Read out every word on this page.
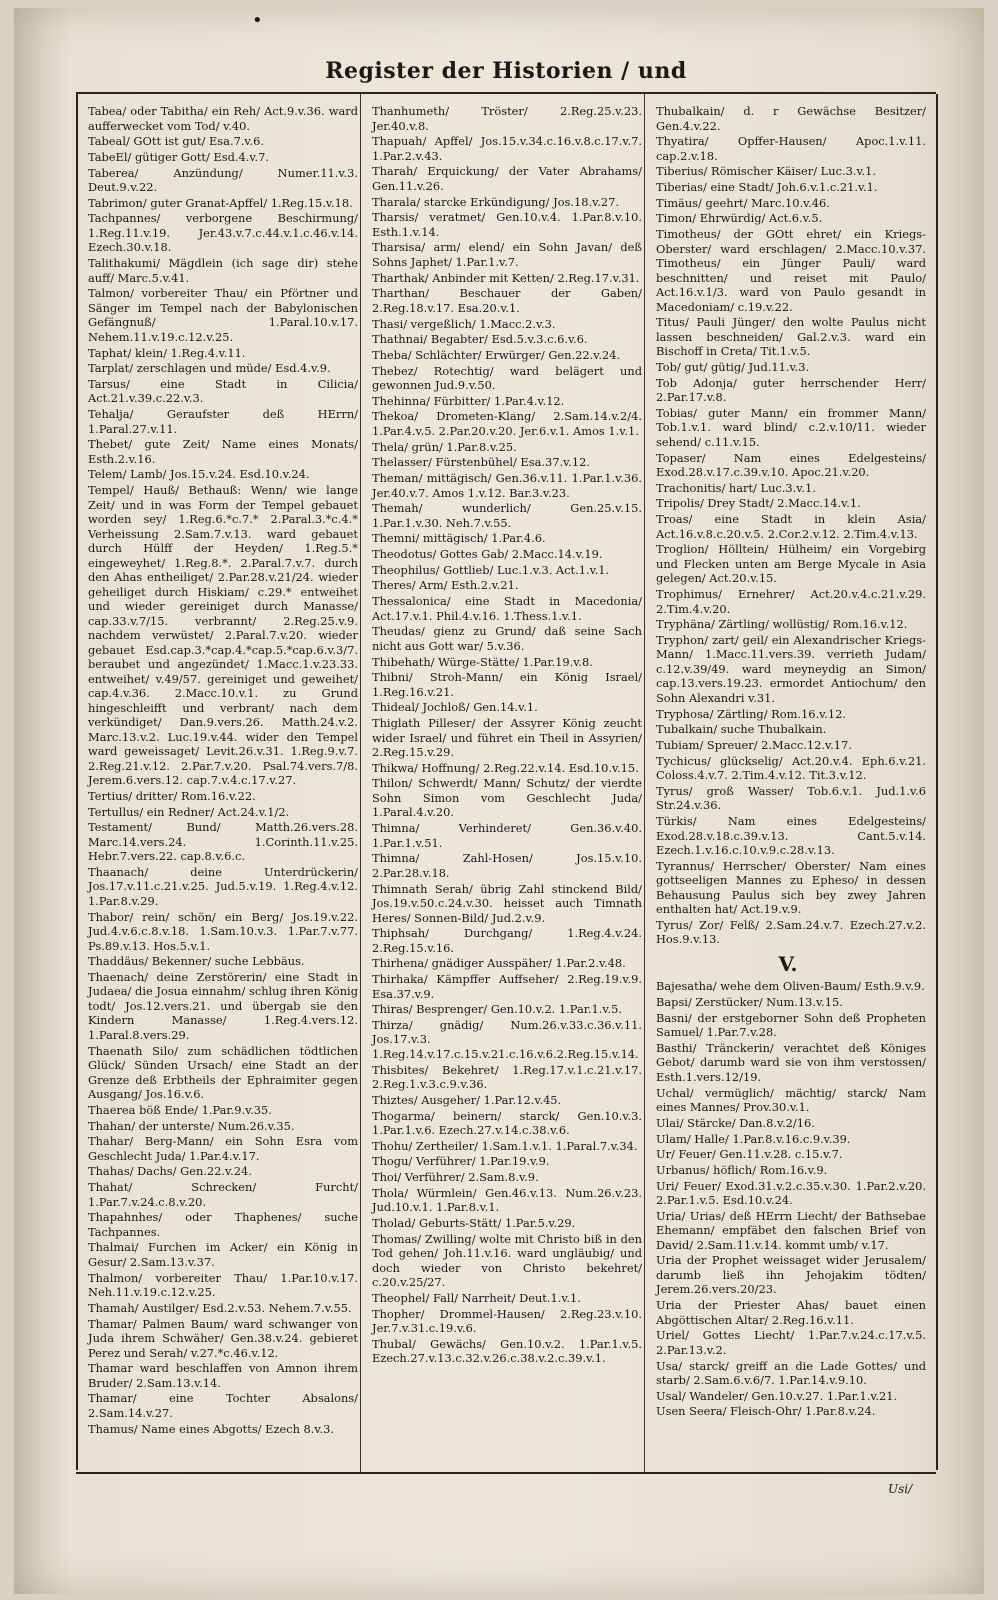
•
Register der Historien / und
Tabea/ oder Tabitha/ ein Reh/ Act.9.v.36. ward aufferwecket vom Tod/ v.40.
Tabeal/ GOtt ist gut/ Esa.7.v.6.
TabeEl/ gütiger Gott/ Esd.4.v.7.
Taberea/ Anzündung/ Numer.11.v.3. Deut.9.v.22.
Tabrimon/ guter Granat-Apffel/ 1.Reg.15.v.18.
Tachpannes/ verborgene Beschirmung/ 1.Reg.11.v.19. Jer.43.v.7.c.44.v.1.c.46.v.14. Ezech.30.v.18.
Talithakumi/ Mägdlein (ich sage dir) stehe auff/ Marc.5.v.41.
Talmon/ vorbereiter Thau/ ein Pförtner und Sänger im Tempel nach der Babylonischen Gefängnuß/ 1.Paral.10.v.17. Nehem.11.v.19.c.12.v.25.
Taphat/ klein/ 1.Reg.4.v.11.
Tarplat/ zerschlagen und müde/ Esd.4.v.9.
Tarsus/ eine Stadt in Cilicia/ Act.21.v.39.c.22.v.3.
Tehalja/ Geraufster deß HErrn/ 1.Paral.27.v.11.
Thebet/ gute Zeit/ Name eines Monats/ Esth.2.v.16.
Telem/ Lamb/ Jos.15.v.24. Esd.10.v.24.
Tempel/ Hauß/ Bethauß: Wenn/ wie lange Zeit/ und in was Form der Tempel gebauet worden sey/ 1.Reg.6.*c.7.* 2.Paral.3.*c.4.* Verheissung 2.Sam.7.v.13. ward gebauet durch Hülff der Heyden/ 1.Reg.5.* eingeweyhet/ 1.Reg.8.*. 2.Paral.7.v.7. durch den Ahas entheiliget/ 2.Par.28.v.21/24. wieder geheiliget durch Hiskiam/ c.29.* entweihet und wieder gereiniget durch Manasse/ cap.33.v.7/15. verbrannt/ 2.Reg.25.v.9. nachdem verwüstet/ 2.Paral.7.v.20. wieder gebauet Esd.cap.3.*cap.4.*cap.5.*cap.6.v.3/7. beraubet und angezündet/ 1.Macc.1.v.23.33. entweihet/ v.49/57. gereiniget und geweihet/ cap.4.v.36. 2.Macc.10.v.1. zu Grund hingeschleifft und verbrant/ nach dem verkündiget/ Dan.9.vers.26. Matth.24.v.2. Marc.13.v.2. Luc.19.v.44. wider den Tempel ward geweissaget/ Levit.26.v.31. 1.Reg.9.v.7. 2.Reg.21.v.12. 2.Par.7.v.20. Psal.74.vers.7/8. Jerem.6.vers.12. cap.7.v.4.c.17.v.27.
Tertius/ dritter/ Rom.16.v.22.
Tertullus/ ein Redner/ Act.24.v.1/2.
Testament/ Bund/ Matth.26.vers.28. Marc.14.vers.24. 1.Corinth.11.v.25. Hebr.7.vers.22. cap.8.v.6.c.
Thaanach/ deine Unterdrückerin/ Jos.17.v.11.c.21.v.25. Jud.5.v.19. 1.Reg.4.v.12. 1.Par.8.v.29.
Thabor/ rein/ schön/ ein Berg/ Jos.19.v.22. Jud.4.v.6.c.8.v.18. 1.Sam.10.v.3. 1.Par.7.v.77. Ps.89.v.13. Hos.5.v.1.
Thaddäus/ Bekenner/ suche Lebbäus.
Thaenach/ deine Zerstörerin/ eine Stadt in Judaea/ die Josua einnahm/ schlug ihren König todt/ Jos.12.vers.21. und übergab sie den Kindern Manasse/ 1.Reg.4.vers.12. 1.Paral.8.vers.29.
Thaenath Silo/ zum schädlichen tödtlichen Glück/ Sünden Ursach/ eine Stadt an der Grenze deß Erbtheils der Ephraimiter gegen Ausgang/ Jos.16.v.6.
Thaerea böß Ende/ 1.Par.9.v.35.
Thahan/ der unterste/ Num.26.v.35.
Thahar/ Berg-Mann/ ein Sohn Esra vom Geschlecht Juda/ 1.Par.4.v.17.
Thahas/ Dachs/ Gen.22.v.24.
Thahat/ Schrecken/ Furcht/ 1.Par.7.v.24.c.8.v.20.
Thapahnhes/ oder Thaphenes/ suche Tachpannes.
Thalmai/ Furchen im Acker/ ein König in Gesur/ 2.Sam.13.v.37.
Thalmon/ vorbereiter Thau/ 1.Par.10.v.17. Neh.11.v.19.c.12.v.25.
Thamah/ Austilger/ Esd.2.v.53. Nehem.7.v.55.
Thamar/ Palmen Baum/ ward schwanger von Juda ihrem Schwäher/ Gen.38.v.24. gebieret Perez und Serah/ v.27.*c.46.v.12.
Thamar ward beschlaffen von Amnon ihrem Bruder/ 2.Sam.13.v.14.
Thamar/ eine Tochter Absalons/ 2.Sam.14.v.27.
Thamus/ Name eines Abgotts/ Ezech 8.v.3.
Thanhumeth/ Tröster/ 2.Reg.25.v.23. Jer.40.v.8.
Thapuah/ Apffel/ Jos.15.v.34.c.16.v.8.c.17.v.7. 1.Par.2.v.43.
Tharah/ Erquickung/ der Vater Abrahams/ Gen.11.v.26.
Tharala/ starcke Erkündigung/ Jos.18.v.27.
Tharsis/ veratmet/ Gen.10.v.4. 1.Par.8.v.10. Esth.1.v.14.
Tharsisa/ arm/ elend/ ein Sohn Javan/ deß Sohns Japhet/ 1.Par.1.v.7.
Tharthak/ Anbinder mit Ketten/ 2.Reg.17.v.31.
Tharthan/ Beschauer der Gaben/ 2.Reg.18.v.17. Esa.20.v.1.
Thasi/ vergeßlich/ 1.Macc.2.v.3.
Thathnai/ Begabter/ Esd.5.v.3.c.6.v.6.
Theba/ Schlächter/ Erwürger/ Gen.22.v.24.
Thebez/ Rotechtig/ ward belägert und gewonnen Jud.9.v.50.
Thehinna/ Fürbitter/ 1.Par.4.v.12.
Thekoa/ Drometen-Klang/ 2.Sam.14.v.2/4. 1.Par.4.v.5. 2.Par.20.v.20. Jer.6.v.1. Amos 1.v.1.
Thela/ grün/ 1.Par.8.v.25.
Thelasser/ Fürstenbühel/ Esa.37.v.12.
Theman/ mittägisch/ Gen.36.v.11. 1.Par.1.v.36. Jer.40.v.7. Amos 1.v.12. Bar.3.v.23.
Themah/ wunderlich/ Gen.25.v.15. 1.Par.1.v.30. Neh.7.v.55.
Themni/ mittägisch/ 1.Par.4.6.
Theodotus/ Gottes Gab/ 2.Macc.14.v.19.
Theophilus/ Gottlieb/ Luc.1.v.3. Act.1.v.1.
Theres/ Arm/ Esth.2.v.21.
Thessalonica/ eine Stadt in Macedonia/ Act.17.v.1. Phil.4.v.16. 1.Thess.1.v.1.
Theudas/ gienz zu Grund/ daß seine Sach nicht aus Gott war/ 5.v.36.
Thibehath/ Würge-Stätte/ 1.Par.19.v.8.
Thibni/ Stroh-Mann/ ein König Israel/ 1.Reg.16.v.21.
Thideal/ Jochloß/ Gen.14.v.1.
Thiglath Pilleser/ der Assyrer König zeucht wider Israel/ und führet ein Theil in Assyrien/ 2.Reg.15.v.29.
Thikwa/ Hoffnung/ 2.Reg.22.v.14. Esd.10.v.15.
Thilon/ Schwerdt/ Mann/ Schutz/ der vierdte Sohn Simon vom Geschlecht Juda/ 1.Paral.4.v.20.
Thimna/ Verhinderet/ Gen.36.v.40. 1.Par.1.v.51.
Thimna/ Zahl-Hosen/ Jos.15.v.10. 2.Par.28.v.18.
Thimnath Serah/ übrig Zahl stinckend Bild/ Jos.19.v.50.c.24.v.30. heisset auch Timnath Heres/ Sonnen-Bild/ Jud.2.v.9.
Thiphsah/ Durchgang/ 1.Reg.4.v.24. 2.Reg.15.v.16.
Thirhena/ gnädiger Ausspäher/ 1.Par.2.v.48.
Thirhaka/ Kämpffer Auffseher/ 2.Reg.19.v.9. Esa.37.v.9.
Thiras/ Besprenger/ Gen.10.v.2. 1.Par.1.v.5.
Thirza/ gnädig/ Num.26.v.33.c.36.v.11. Jos.17.v.3. 1.Reg.14.v.17.c.15.v.21.c.16.v.6.2.Reg.15.v.14.
Thisbites/ Bekehret/ 1.Reg.17.v.1.c.21.v.17. 2.Reg.1.v.3.c.9.v.36.
Thiztes/ Ausgeher/ 1.Par.12.v.45.
Thogarma/ beinern/ starck/ Gen.10.v.3. 1.Par.1.v.6. Ezech.27.v.14.c.38.v.6.
Thohu/ Zertheiler/ 1.Sam.1.v.1. 1.Paral.7.v.34.
Thogu/ Verführer/ 1.Par.19.v.9.
Thoi/ Verführer/ 2.Sam.8.v.9.
Thola/ Würmlein/ Gen.46.v.13. Num.26.v.23. Jud.10.v.1. 1.Par.8.v.1.
Tholad/ Geburts-Stätt/ 1.Par.5.v.29.
Thomas/ Zwilling/ wolte mit Christo biß in den Tod gehen/ Joh.11.v.16. ward ungläubig/ und doch wieder von Christo bekehret/ c.20.v.25/27.
Theophel/ Fall/ Narrheit/ Deut.1.v.1.
Thopher/ Drommel-Hausen/ 2.Reg.23.v.10. Jer.7.v.31.c.19.v.6.
Thubal/ Gewächs/ Gen.10.v.2. 1.Par.1.v.5. Ezech.27.v.13.c.32.v.26.c.38.v.2.c.39.v.1.
Thubalkain/ d. r Gewächse Besitzer/ Gen.4.v.22.
Thyatira/ Opffer-Hausen/ Apoc.1.v.11. cap.2.v.18.
Tiberius/ Römischer Käiser/ Luc.3.v.1.
Tiberias/ eine Stadt/ Joh.6.v.1.c.21.v.1.
Timäus/ geehrt/ Marc.10.v.46.
Timon/ Ehrwürdig/ Act.6.v.5.
Timotheus/ der GOtt ehret/ ein Kriegs-Oberster/ ward erschlagen/ 2.Macc.10.v.37. Timotheus/ ein Jünger Pauli/ ward beschnitten/ und reiset mit Paulo/ Act.16.v.1/3. ward von Paulo gesandt in Macedoniam/ c.19.v.22.
Titus/ Pauli Jünger/ den wolte Paulus nicht lassen beschneiden/ Gal.2.v.3. ward ein Bischoff in Creta/ Tit.1.v.5.
Tob/ gut/ gütig/ Jud.11.v.3.
Tob Adonja/ guter herrschender Herr/ 2.Par.17.v.8.
Tobias/ guter Mann/ ein frommer Mann/ Tob.1.v.1. ward blind/ c.2.v.10/11. wieder sehend/ c.11.v.15.
Topaser/ Nam eines Edelgesteins/ Exod.28.v.17.c.39.v.10. Apoc.21.v.20.
Trachonitis/ hart/ Luc.3.v.1.
Tripolis/ Drey Stadt/ 2.Macc.14.v.1.
Troas/ eine Stadt in klein Asia/ Act.16.v.8.c.20.v.5. 2.Cor.2.v.12. 2.Tim.4.v.13.
Troglion/ Hölltein/ Hülheim/ ein Vorgebirg und Flecken unten am Berge Mycale in Asia gelegen/ Act.20.v.15.
Trophimus/ Ernehrer/ Act.20.v.4.c.21.v.29. 2.Tim.4.v.20.
Tryphäna/ Zärtling/ wollüstig/ Rom.16.v.12.
Tryphon/ zart/ geil/ ein Alexandrischer Kriegs-Mann/ 1.Macc.11.vers.39. verrieth Judam/ c.12.v.39/49. ward meyneydig an Simon/ cap.13.vers.19.23. ermordet Antiochum/ den Sohn Alexandri v.31.
Tryphosa/ Zärtling/ Rom.16.v.12.
Tubalkain/ suche Thubalkain.
Tubiam/ Spreuer/ 2.Macc.12.v.17.
Tychicus/ glückselig/ Act.20.v.4. Eph.6.v.21. Coloss.4.v.7. 2.Tim.4.v.12. Tit.3.v.12.
Tyrus/ groß Wasser/ Tob.6.v.1. Jud.1.v.6 Str.24.v.36.
Türkis/ Nam eines Edelgesteins/ Exod.28.v.18.c.39.v.13. Cant.5.v.14. Ezech.1.v.16.c.10.v.9.c.28.v.13.
Tyrannus/ Herrscher/ Oberster/ Nam eines gottseeligen Mannes zu Epheso/ in dessen Behausung Paulus sich bey zwey Jahren enthalten hat/ Act.19.v.9.
Tyrus/ Zor/ Felß/ 2.Sam.24.v.7. Ezech.27.v.2. Hos.9.v.13.
V.
Bajesatha/ wehe dem Oliven-Baum/ Esth.9.v.9.
Bapsi/ Zerstücker/ Num.13.v.15.
Basni/ der erstgeborner Sohn deß Propheten Samuel/ 1.Par.7.v.28.
Basthi/ Tränckerin/ verachtet deß Königes Gebot/ darumb ward sie von ihm verstossen/ Esth.1.vers.12/19.
Uchal/ vermüglich/ mächtig/ starck/ Nam eines Mannes/ Prov.30.v.1.
Ulai/ Stärcke/ Dan.8.v.2/16.
Ulam/ Halle/ 1.Par.8.v.16.c.9.v.39.
Ur/ Feuer/ Gen.11.v.28. c.15.v.7.
Urbanus/ höflich/ Rom.16.v.9.
Uri/ Feuer/ Exod.31.v.2.c.35.v.30. 1.Par.2.v.20. 2.Par.1.v.5. Esd.10.v.24.
Uria/ Urias/ deß HErrn Liecht/ der Bathsebae Ehemann/ empfäbet den falschen Brief von David/ 2.Sam.11.v.14. kommt umb/ v.17.
Uria der Prophet weissaget wider Jerusalem/ darumb ließ ihn Jehojakim tödten/ Jerem.26.vers.20/23.
Uria der Priester Ahas/ bauet einen Abgöttischen Altar/ 2.Reg.16.v.11.
Uriel/ Gottes Liecht/ 1.Par.7.v.24.c.17.v.5. 2.Par.13.v.2.
Usa/ starck/ greiff an die Lade Gottes/ und starb/ 2.Sam.6.v.6/7. 1.Par.14.v.9.10.
Usal/ Wandeler/ Gen.10.v.27. 1.Par.1.v.21.
Usen Seera/ Fleisch-Ohr/ 1.Par.8.v.24.
Usi/
